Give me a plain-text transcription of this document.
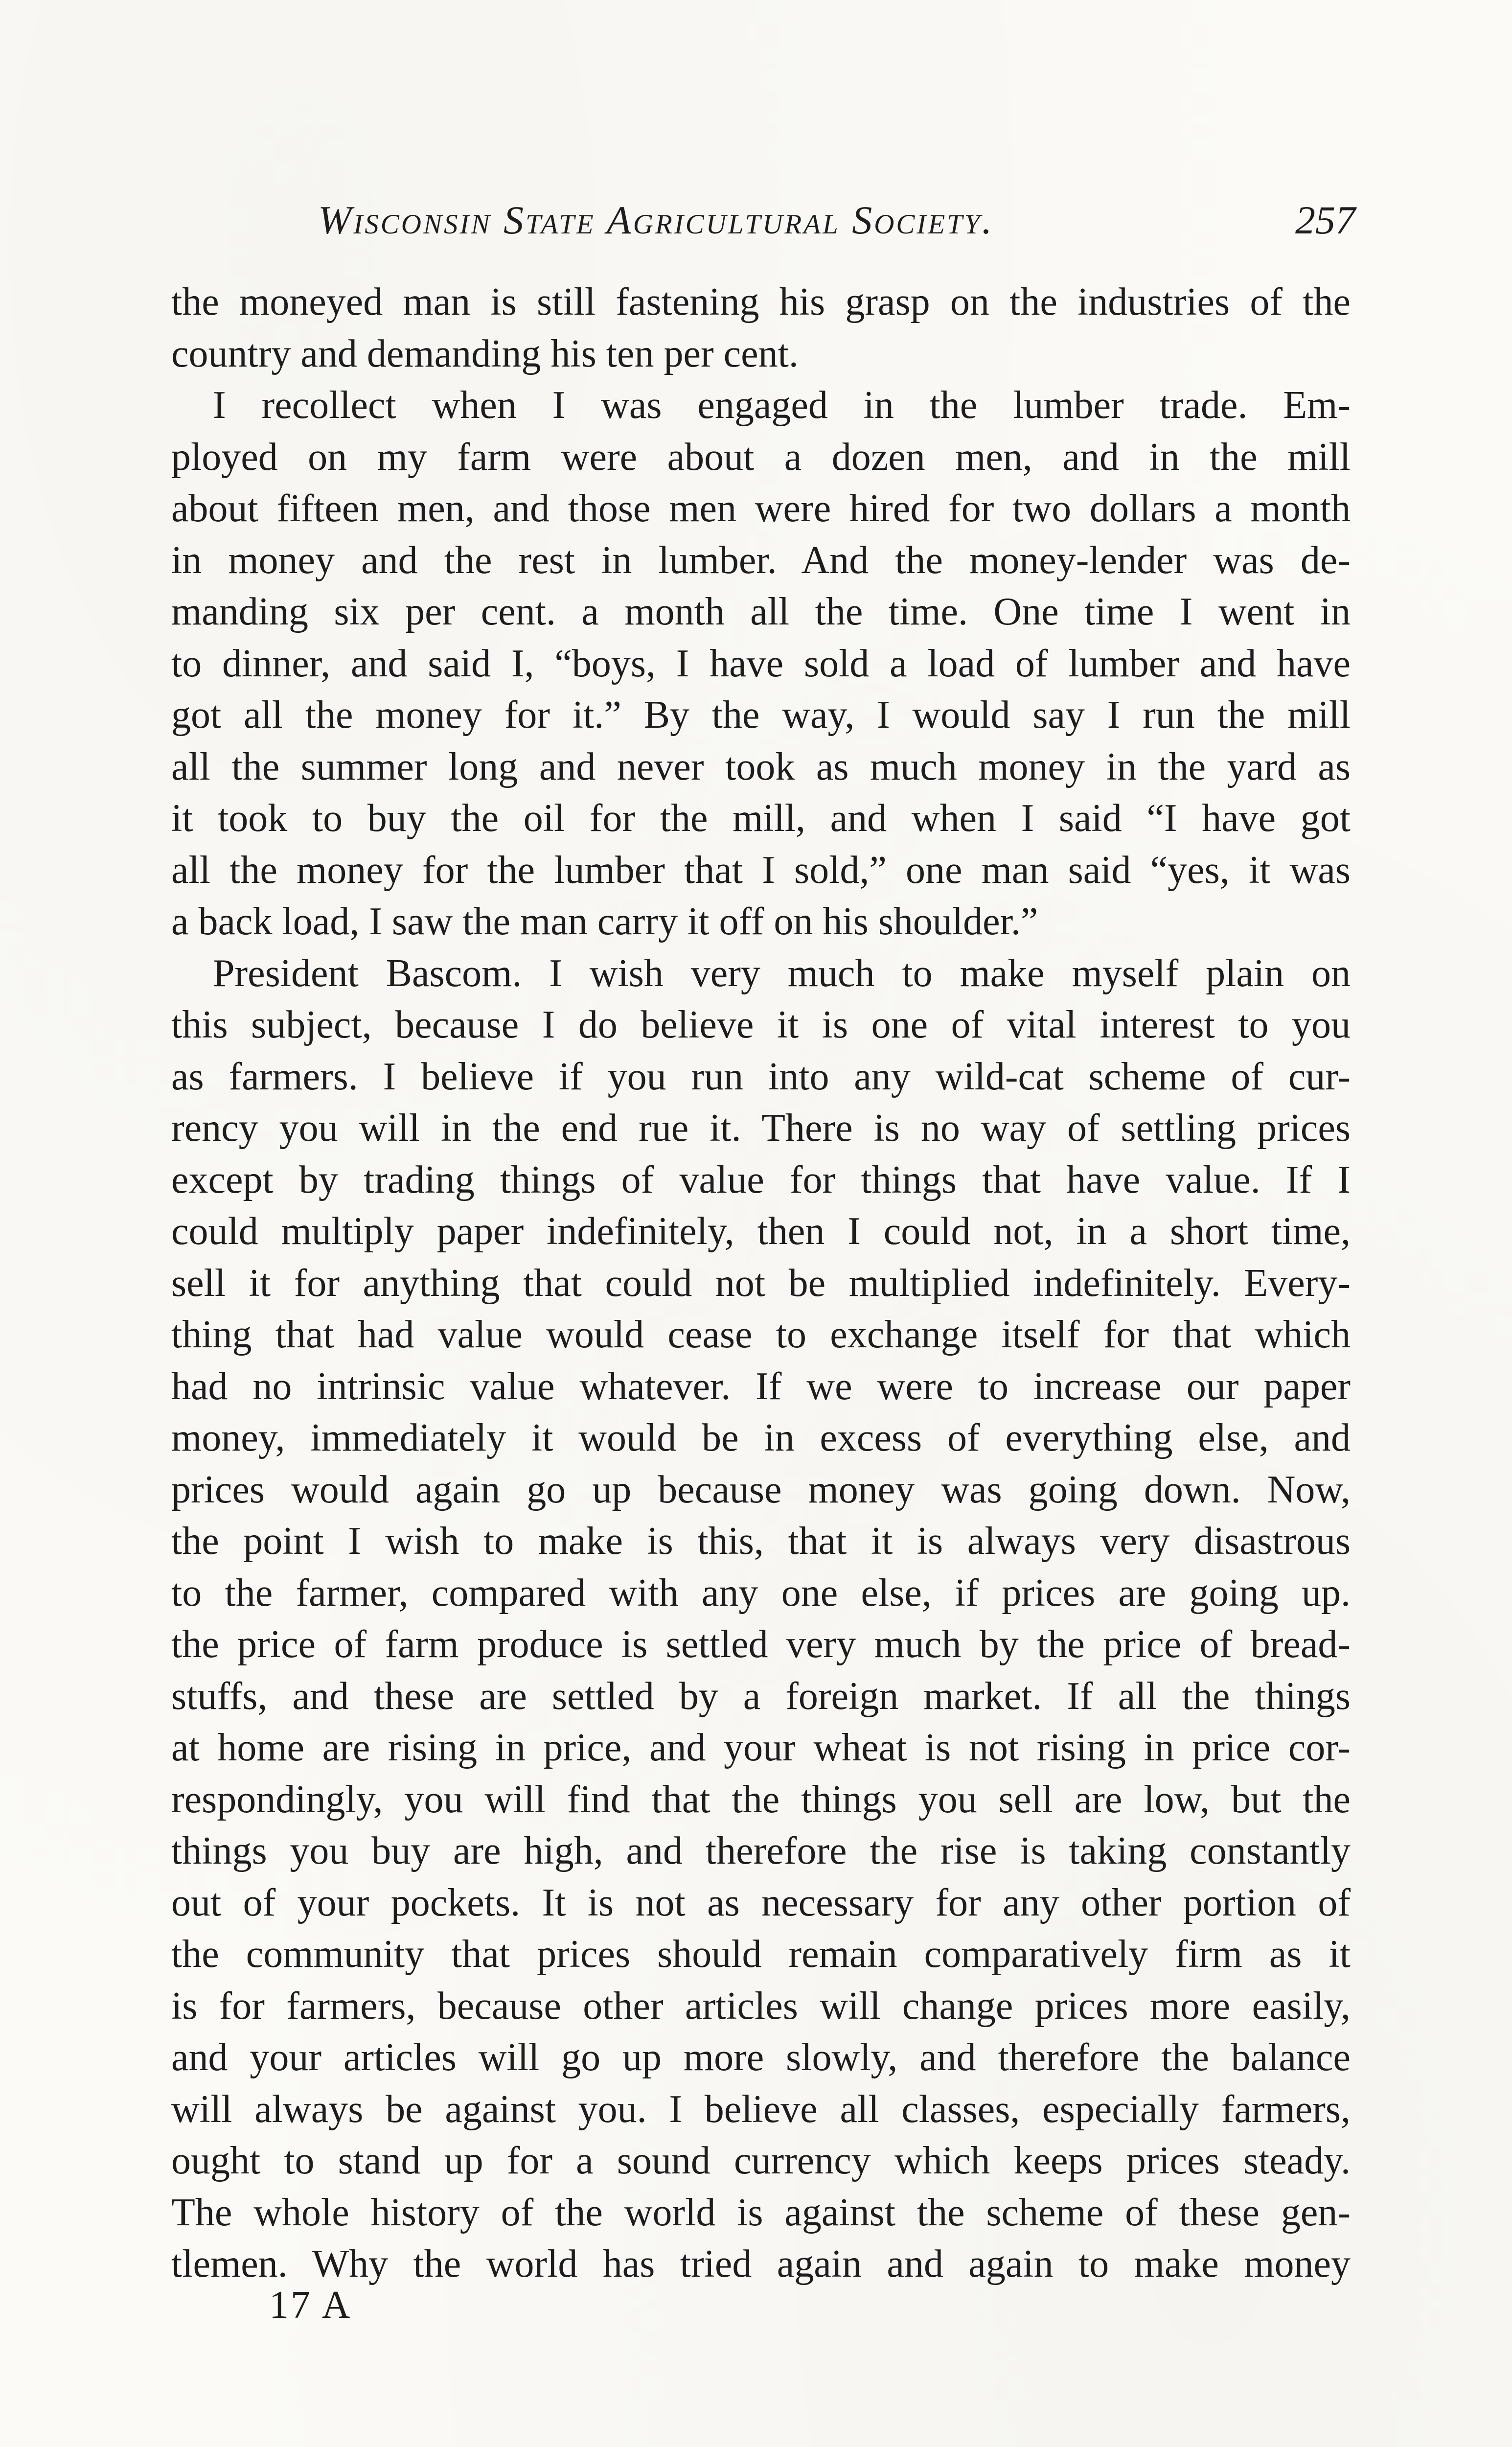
Wisconsin State Agricultural Society.	257
the moneyed man is still fastening his grasp on the industries of the
country and demanding his ten per cent.
I recollect when I was engaged in the lumber trade. Em-
ployed on my farm were about a dozen men, and in the mill
about fifteen men, and those men were hired for two dollars a month
in money and the rest in lumber. And the money-lender was de-
manding six per cent. a month all the time. One time I went in
to dinner, and said I, “boys, I have sold a load of lumber and have
got all the money for it.” By the way, I would say I run the mill
all the summer long and never took as much money in the yard as
it took to buy the oil for the mill, and when I said “I have got
all the money for the lumber that I sold,” one man said “yes, it was
a back load, I saw the man carry it off on his shoulder.”
President Bascom. I wish very much to make myself plain on
this subject, because I do believe it is one of vital interest to you
as farmers. I believe if you run into any wild-cat scheme of cur-
rency you will in the end rue it. There is no way of settling prices
except by trading things of value for things that have value. If I
could multiply paper indefinitely, then I could not, in a short time,
sell it for anything that could not be multiplied indefinitely. Every-
thing that had value would cease to exchange itself for that which
had no intrinsic value whatever. If we were to increase our paper
money, immediately it would be in excess of everything else, and
prices would again go up because money was going down. Now,
the point I wish to make is this, that it is always very disastrous
to the farmer, compared with any one else, if prices are going up.
the price of farm produce is settled very much by the price of bread-
stuffs, and these are settled by a foreign market. If all the things
at home are rising in price, and your wheat is not rising in price cor-
respondingly, you will find that the things you sell are low, but the
things you buy are high, and therefore the rise is taking constantly
out of your pockets. It is not as necessary for any other portion of
the community that prices should remain comparatively firm as it
is for farmers, because other articles will change prices more easily,
and your articles will go up more slowly, and therefore the balance
will always be against you. I believe all classes, especially farmers,
ought to stand up for a sound currency which keeps prices steady.
The whole history of the world is against the scheme of these gen-
tlemen. Why the world has tried again and again to make money
17 A
